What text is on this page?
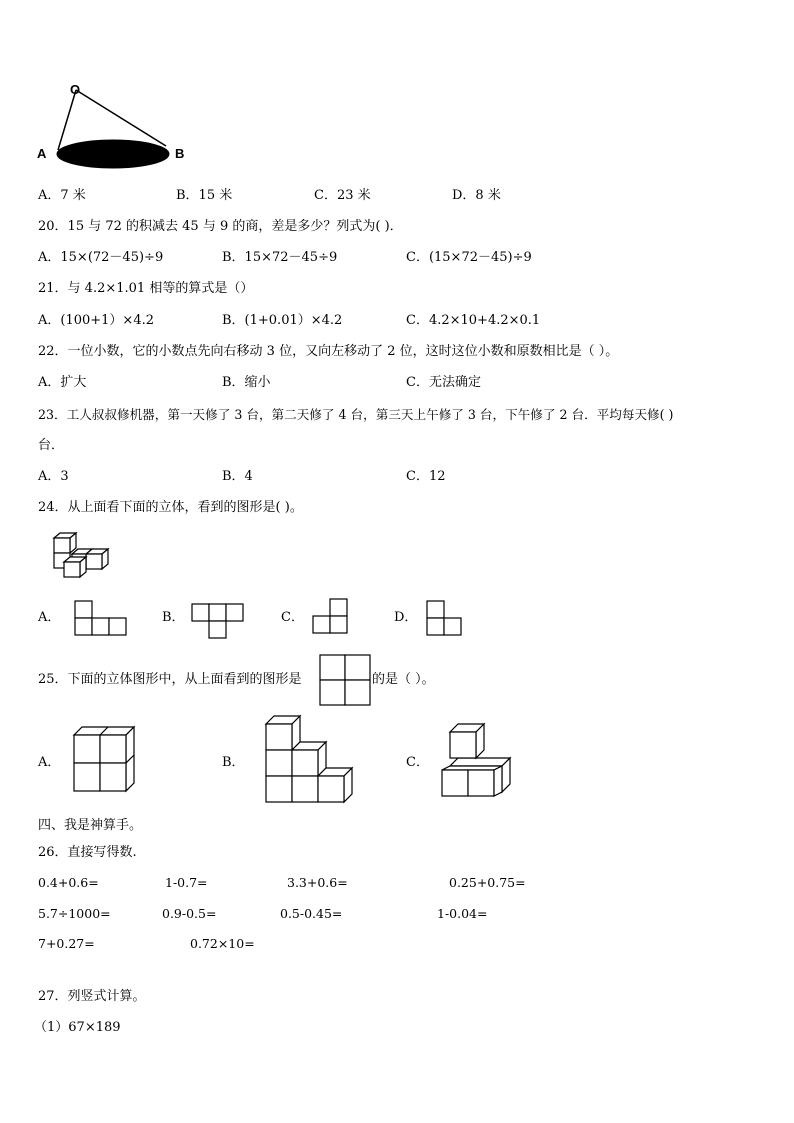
O
A	B
A．7 米	B．15 米	C．23 米	D．8 米
20．15 与 72 的积减去 45 与 9 的商，差是多少？列式为( )．
A．15×(72－45)÷9	B．15×72－45÷9	C．(15×72－45)÷9
21．与 4.2×1.01 相等的算式是（）
A．(100+1）×4.2	B．(1+0.01）×4.2	C．4.2×10+4.2×0.1
22．一位小数，它的小数点先向右移动 3 位，又向左移动了 2 位，这时这位小数和原数相比是（ ）。
A．扩大	B．缩小	C．无法确定
23．工人叔叔修机器，第一天修了 3 台，第二天修了 4 台，第三天上午修了 3 台，下午修了 2 台．平均每天修( )
台．
A．3	B．4	C．12
24．从上面看下面的立体，看到的图形是( )。
A．	B．	C．	D．
25．下面的立体图形中，从上面看到的图形是	的是（ ）。
A．	B．	C．
四、我是神算手。
26．直接写得数.
0.4+0.6=	1-0.7=	3.3+0.6=	0.25+0.75=
5.7÷1000=	0.9-0.5=	0.5-0.45=	1-0.04=
7+0.27=	0.72×10=
27．列竖式计算。
（1）67×189
